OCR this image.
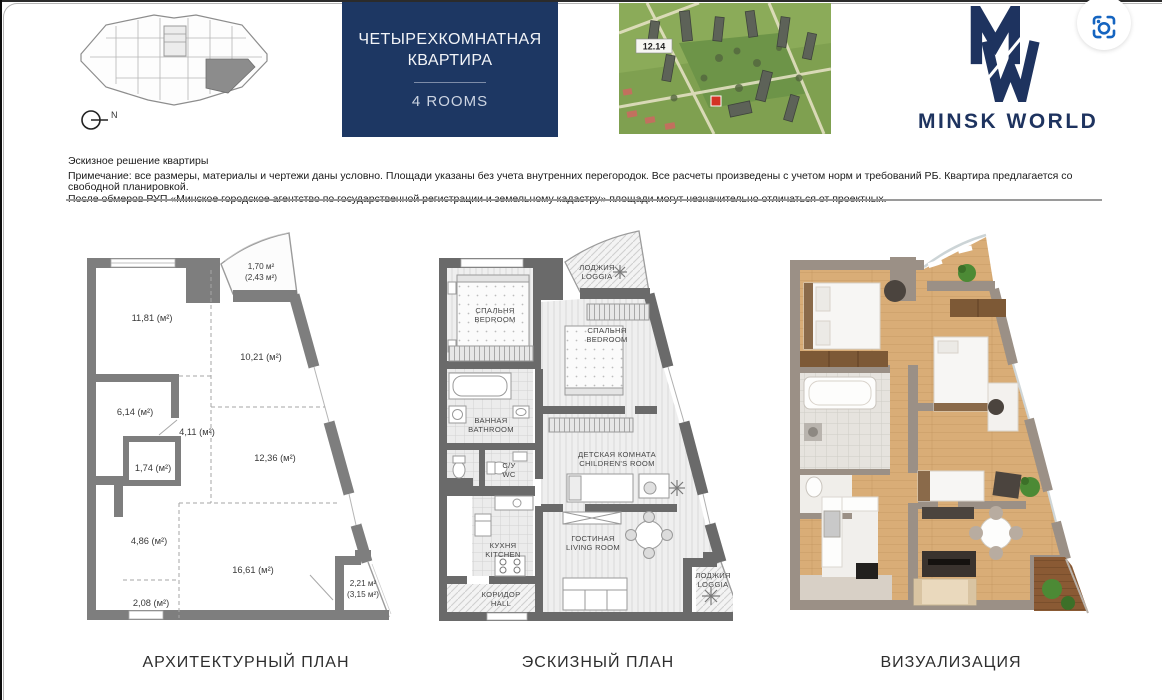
N
ЧЕТЫРЕХКОМНАТНАЯ
КВАРТИРА
4 ROOMS
12.14
MINSK WORLD
Эскизное решение квартиры
Примечание: все размеры, материалы и чертежи даны условно. Площади указаны без учета внутренних перегородок. Все расчеты произведены с учетом норм и требований РБ. Квартира предлагается со свободной планировкой.
1,70 м²
(2,43 м²)
11,81 (м²)
10,21 (м²)
6,14 (м²)
4,11 (м²)
1,74 (м²)
12,36 (м²)
4,86 (м²)
16,61 (м²)
2,08 (м²)
2,21 м²
(3,15 м²)
СПАЛЬНЯ
BEDROOM
ЛОДЖИЯ
LOGGIA
СПАЛЬНЯ
BEDROOM
ВАННАЯ
BATHROOM
С/У
WC
ДЕТСКАЯ КОМНАТА
CHILDREN'S ROOM
КУХНЯ
KITCHEN
ГОСТИНАЯ
LIVING ROOM
КОРИДОР
HALL
ЛОДЖИЯ
LOGGIA
АРХИТЕКТУРНЫЙ ПЛАН	ЭСКИЗНЫЙ ПЛАН	ВИЗУАЛИЗАЦИЯ
